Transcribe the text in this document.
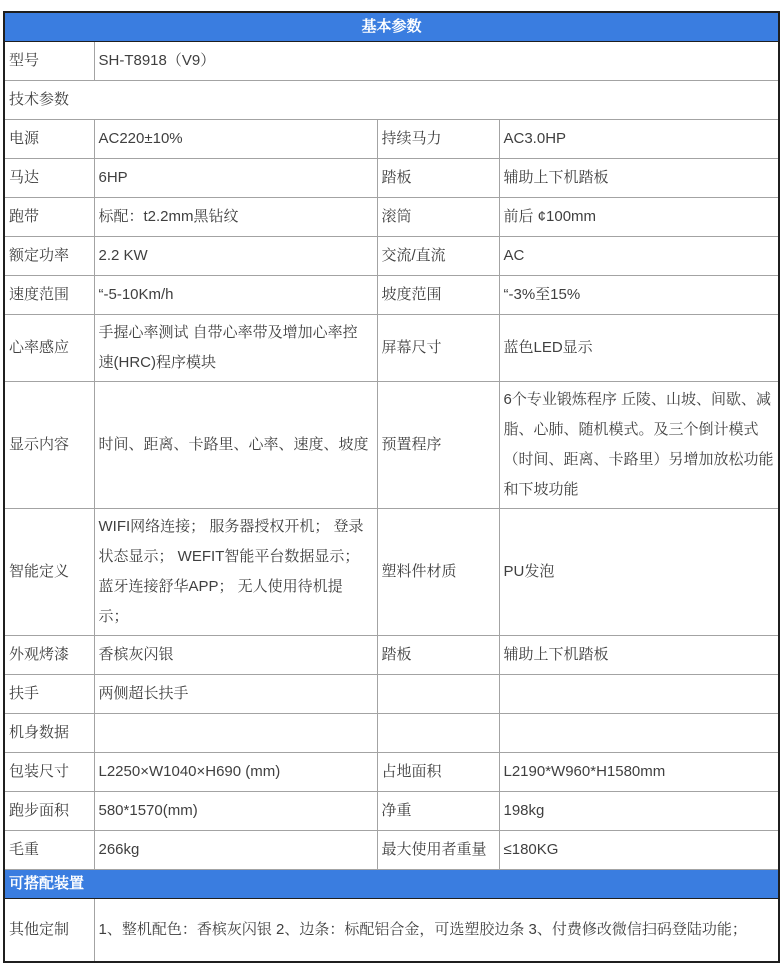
基本参数			
型号	SH-T8918（V9）		
技术参数			
电源	AC220±10%	持续马力	AC3.0HP
马达	6HP	踏板	辅助上下机踏板
跑带	标配：t2.2mm黑钻纹	滚筒	前后 ¢100mm
额定功率	2.2 KW	交流/直流	AC
速度范围	“-5-10Km/h	坡度范围	“-3%至15%
心率感应	手握心率测试 自带心率带及增加心率控速(HRC)程序模块	屏幕尺寸	蓝色LED显示
显示内容	时间、距离、卡路里、心率、速度、坡度	预置程序	6个专业锻炼程序 丘陵、山坡、间歇、减脂、心肺、随机模式。及三个倒计模式（时间、距离、卡路里）另增加放松功能和下坡功能
智能定义	WIFI网络连接； 服务器授权开机； 登录状态显示； WEFIT智能平台数据显示； 蓝牙连接舒华APP； 无人使用待机提示；	塑料件材质	PU发泡
外观烤漆	香槟灰闪银	踏板	辅助上下机踏板
扶手	两侧超长扶手		
机身数据			
包装尺寸	L2250×W1040×H690 (mm)	占地面积	L2190*W960*H1580mm
跑步面积	580*1570(mm)	净重	198kg
毛重	266kg	最大使用者重量	≤180KG
可搭配装置			
其他定制	1、整机配色：香槟灰闪银 2、边条：标配铝合金，可选塑胶边条 3、付费修改微信扫码登陆功能；		
